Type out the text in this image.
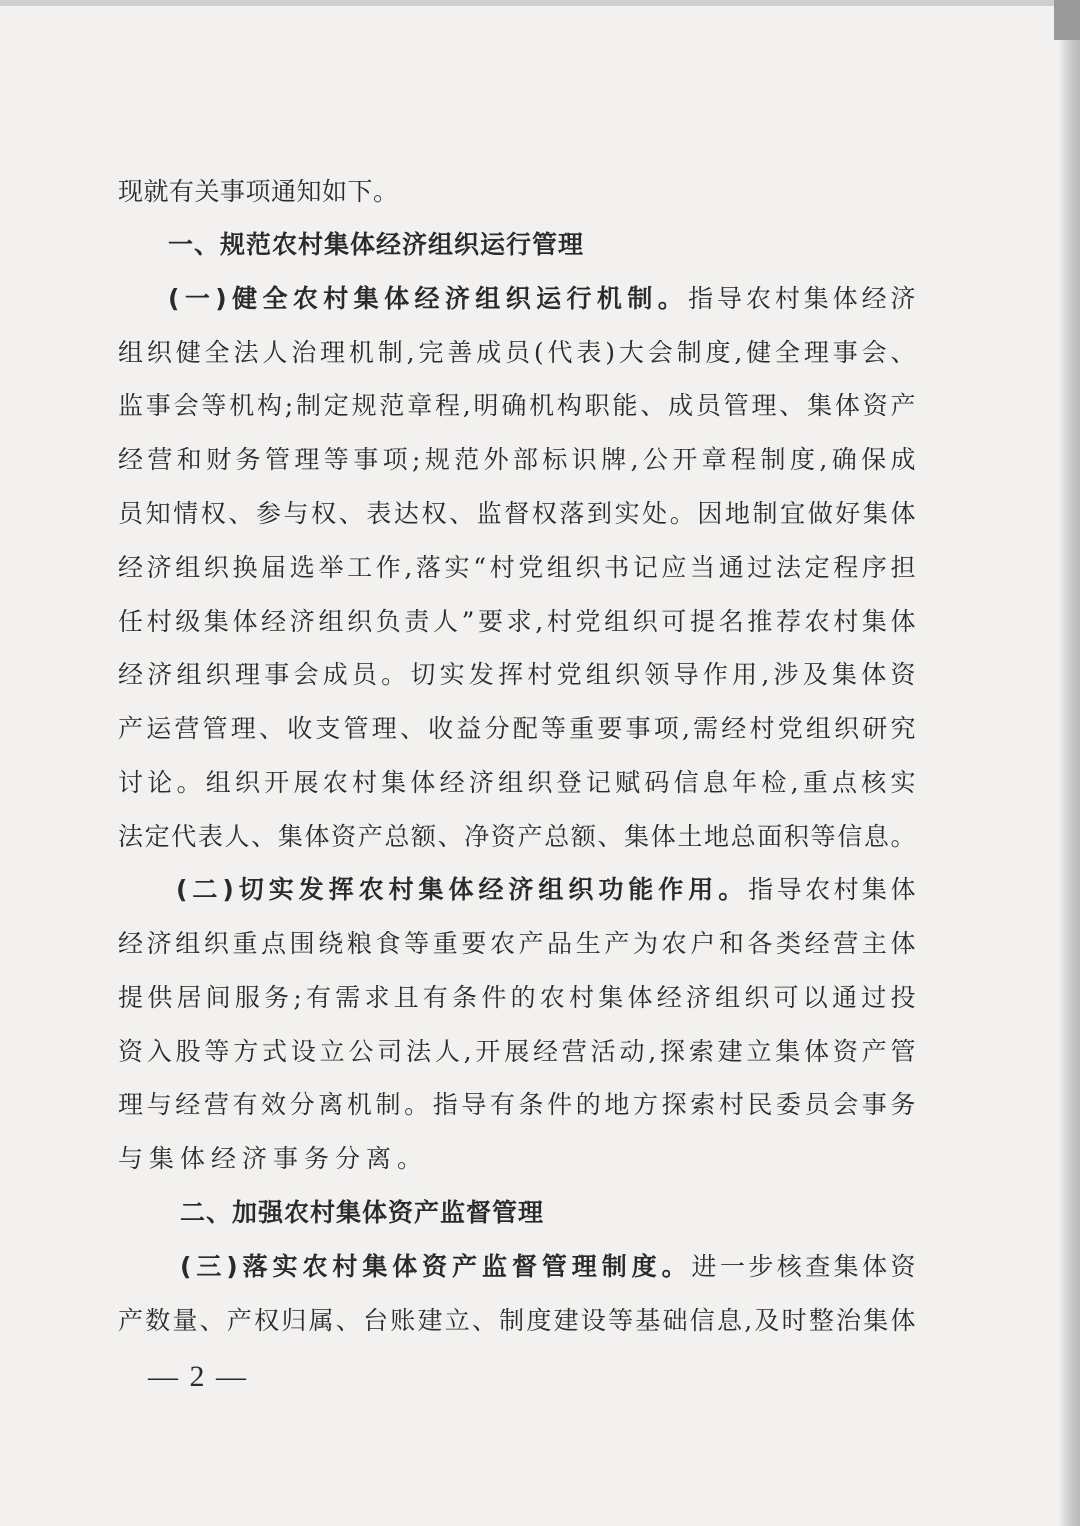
现就有关事项通知如下。
一、规范农村集体经济组织运行管理
(一)健全农村集体经济组织运行机制。指导农村集体经济
组织健全法人治理机制,完善成员(代表)大会制度,健全理事会、
监事会等机构;制定规范章程,明确机构职能、成员管理、集体资产
经营和财务管理等事项;规范外部标识牌,公开章程制度,确保成
员知情权、参与权、表达权、监督权落到实处。因地制宜做好集体
经济组织换届选举工作,落实“村党组织书记应当通过法定程序担
任村级集体经济组织负责人”要求,村党组织可提名推荐农村集体
经济组织理事会成员。切实发挥村党组织领导作用,涉及集体资
产运营管理、收支管理、收益分配等重要事项,需经村党组织研究
讨论。组织开展农村集体经济组织登记赋码信息年检,重点核实
法定代表人、集体资产总额、净资产总额、集体土地总面积等信息。
(二)切实发挥农村集体经济组织功能作用。指导农村集体
经济组织重点围绕粮食等重要农产品生产为农户和各类经营主体
提供居间服务;有需求且有条件的农村集体经济组织可以通过投
资入股等方式设立公司法人,开展经营活动,探索建立集体资产管
理与经营有效分离机制。指导有条件的地方探索村民委员会事务
与集体经济事务分离。
二、加强农村集体资产监督管理
(三)落实农村集体资产监督管理制度。进一步核查集体资
产数量、产权归属、台账建立、制度建设等基础信息,及时整治集体
— 2 —
